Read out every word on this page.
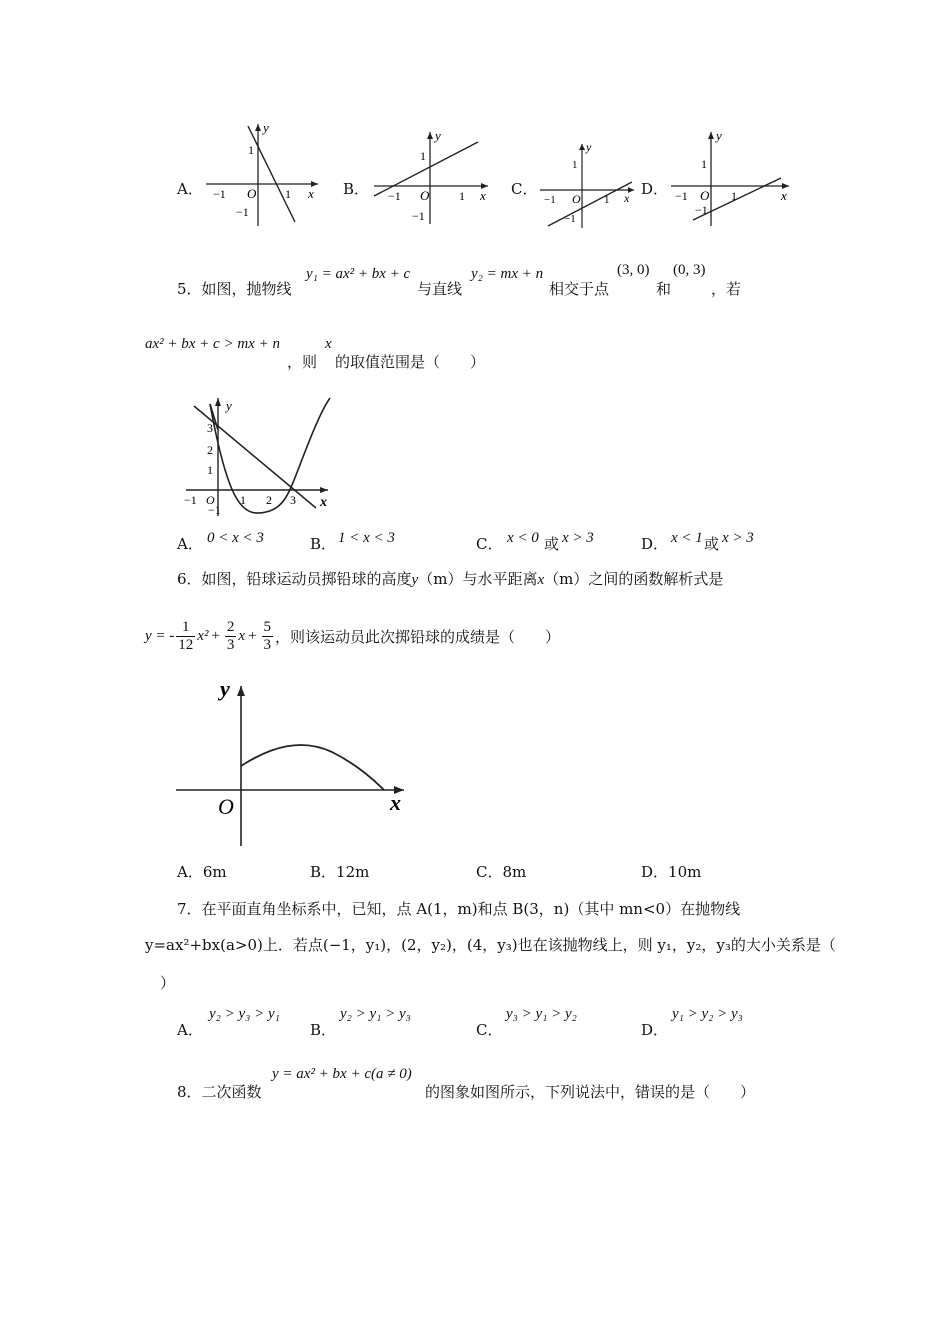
A．
y
x
O
−1	1
1
−1
B．
y
x
O
−1	1
1
−1
C．
y
x
O
−1	1
1
−1
D．
y
x
O
−1	1
1
−1
5．如图，抛物线
y₁ = ax² + bx + c
与直线
y₂ = mx + n
相交于点
(3, 0)
和
(0, 3)
，若
ax² + bx + c > mx + n
，则
x
的取值范围是（　　）
y
x
O
3
2
1
−1
−1	1 2 3
A． 0 < x < 3	B． 1 < x < 3	C． x < 0 或 x > 3	D． x < 1 或 x > 3
6．如图，铅球运动员掷铅球的高度y（m）与水平距离x（m）之间的函数解析式是
y = -
1
12
$x^2 + \frac{2}{3}$ $x + \frac{5}{3}$ ，则该运动员此次掷铅球的成绩是（　　）
y
x
O
A．6m	B．12m	C．8m	D．10m
7．在平面直角坐标系中，已知，点 A(1，m)和点 B(3，n)（其中 mn<0）在抛物线
y=ax²+bx(a>0)上．若点(−1，y₁)，(2，y₂)，(4，y₃)也在该抛物线上，则 y₁，y₂，y₃的大小关系是（
）
A．
y₂ > y₃ > y₁
B．
y₂ > y₁ > y₃
C．
y₃ > y₁ > y₂
D．
y₁ > y₂ > y₃
8．二次函数
y = ax² + bx + c(a ≠ 0)
的图象如图所示，下列说法中，错误的是（　　）
